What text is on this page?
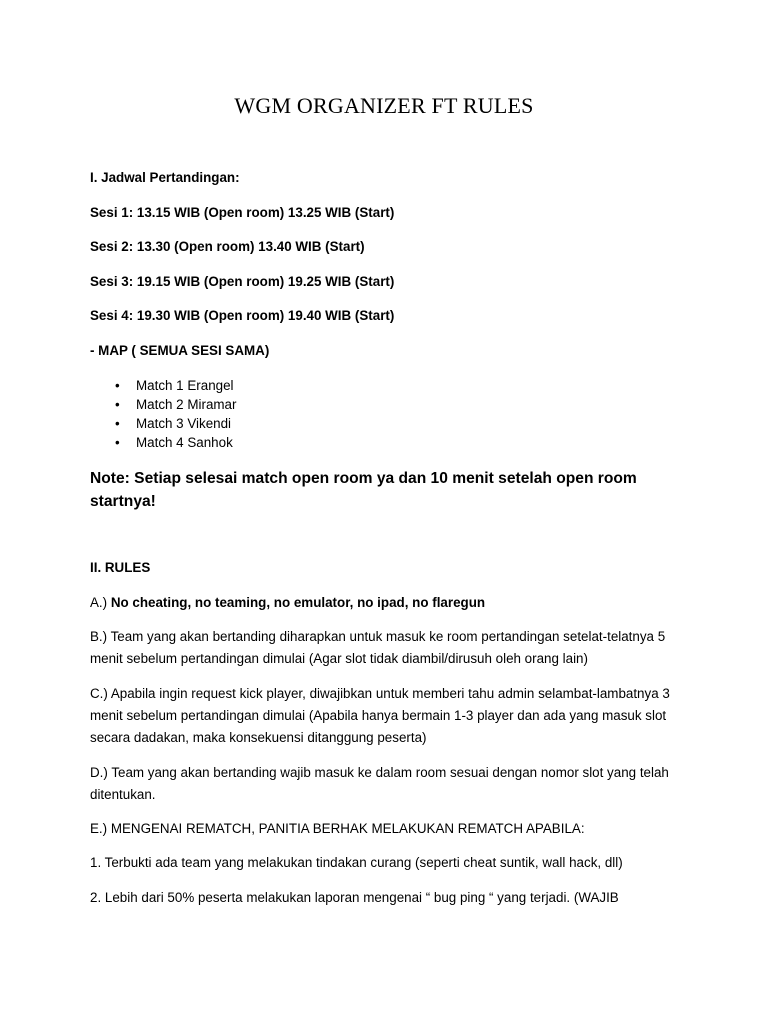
WGM ORGANIZER FT RULES
I. Jadwal Pertandingan:
Sesi 1: 13.15 WIB (Open room) 13.25 WIB (Start)
Sesi 2: 13.30 (Open room) 13.40 WIB (Start)
Sesi 3: 19.15 WIB (Open room) 19.25 WIB (Start)
Sesi 4: 19.30 WIB (Open room) 19.40 WIB (Start)
- MAP ( SEMUA SESI SAMA)
• Match 1 Erangel
• Match 2 Miramar
• Match 3 Vikendi
• Match 4 Sanhok
Note: Setiap selesai match open room ya dan 10 menit setelah open room startnya!
II. RULES
A.) No cheating, no teaming, no emulator, no ipad, no flaregun
B.) Team yang akan bertanding diharapkan untuk masuk ke room pertandingan setelat-telatnya 5 menit sebelum pertandingan dimulai (Agar slot tidak diambil/dirusuh oleh orang lain)
C.) Apabila ingin request kick player, diwajibkan untuk memberi tahu admin selambat-lambatnya 3 menit sebelum pertandingan dimulai (Apabila hanya bermain 1-3 player dan ada yang masuk slot secara dadakan, maka konsekuensi ditanggung peserta)
D.) Team yang akan bertanding wajib masuk ke dalam room sesuai dengan nomor slot yang telah ditentukan.
E.) MENGENAI REMATCH, PANITIA BERHAK MELAKUKAN REMATCH APABILA:
1. Terbukti ada team yang melakukan tindakan curang (seperti cheat suntik, wall hack, dll)
2. Lebih dari 50% peserta melakukan laporan mengenai “ bug ping “ yang terjadi. (WAJIB
